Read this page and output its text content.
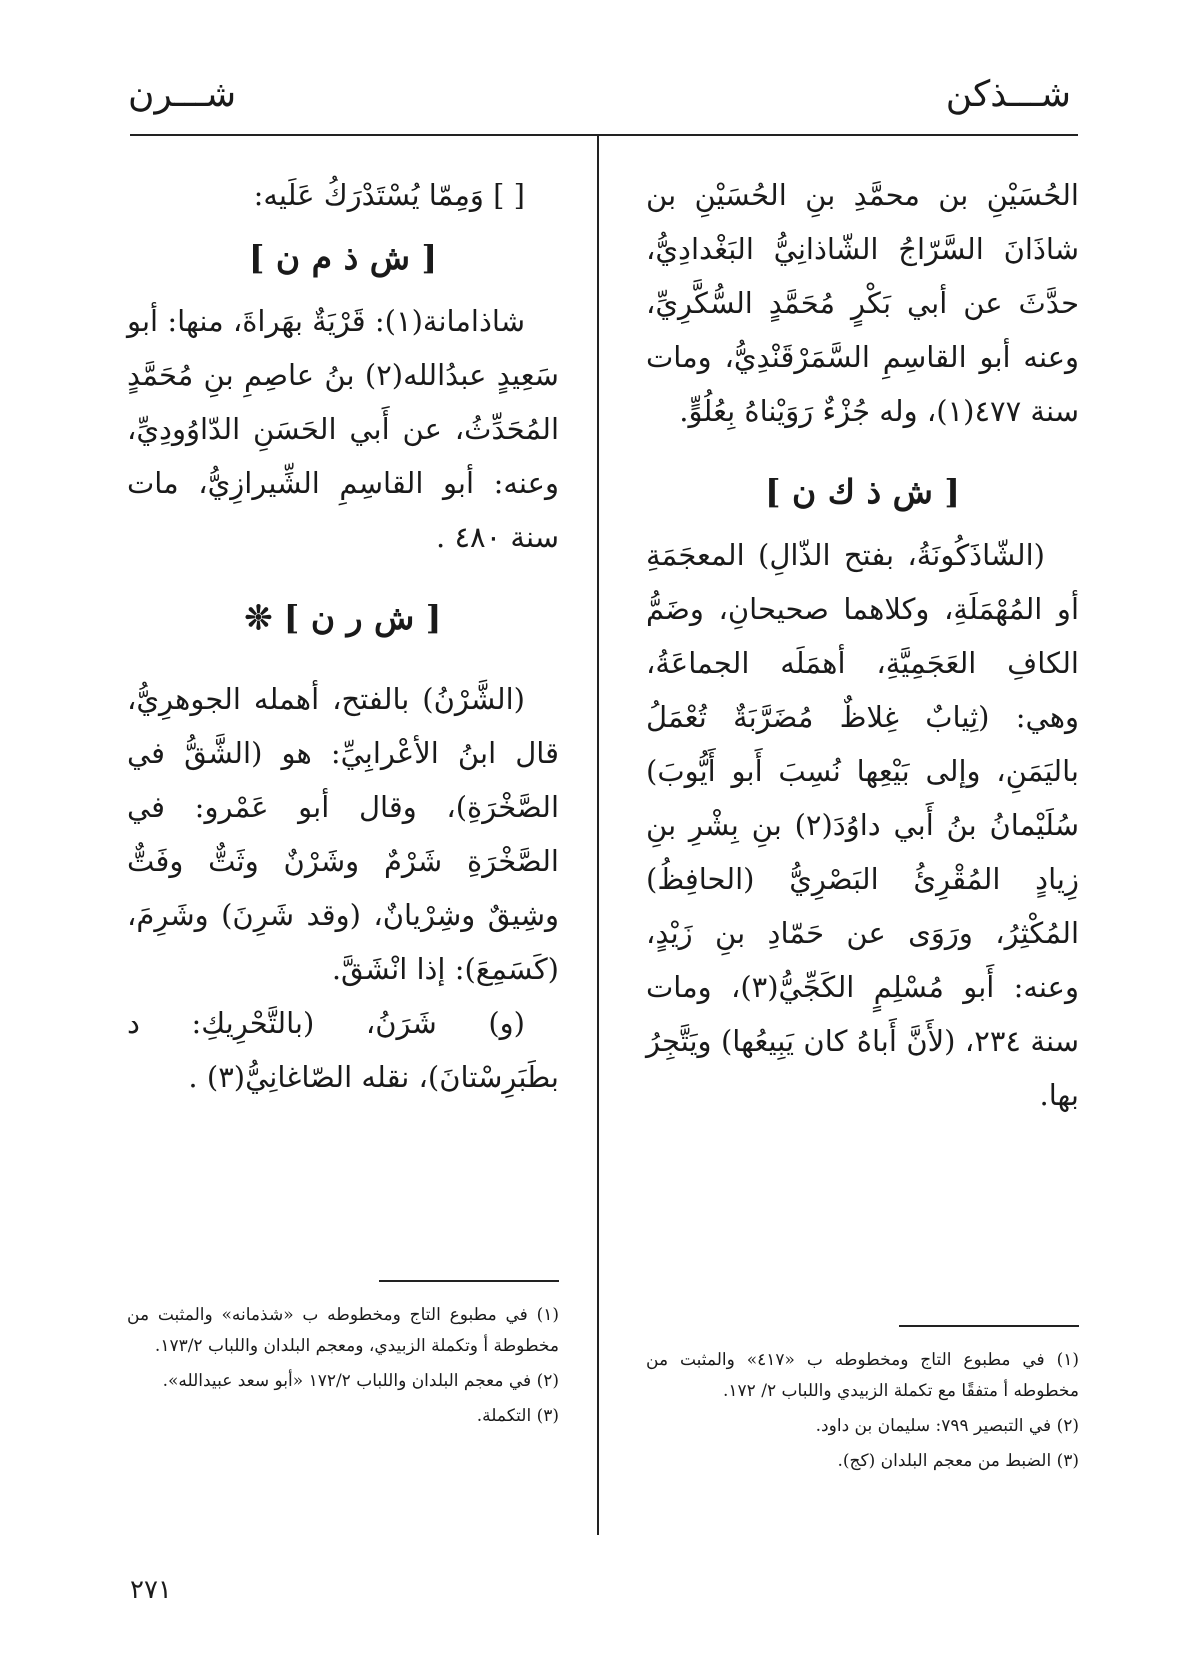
شـــذكن
شـــرن

الحُسَيْنِ بن محمَّدِ بنِ الحُسَيْنِ بن شاذَانَ السَّرّاجُ الشّاذانِيُّ البَغْدادِيُّ، حدَّثَ عن أبي بَكْرٍ مُحَمَّدٍ السُّكَّرِيِّ، وعنه أبو القاسِمِ السَّمَرْقَنْدِيُّ، ومات سنة ٤٧٧(١)، وله جُزْءٌ رَوَيْناهُ بِعُلُوٍّ.

[ ش ذ ك ن ]

(الشّاذَكُونَةُ، بفتح الذّالِ) المعجَمَةِ أو المُهْمَلَةِ، وكلاهما صحيحانِ، وضَمُّ الكافِ العَجَمِيَّةِ، أهمَلَه الجماعَةُ، وهي: (ثِيابٌ غِلاظٌ مُضَرَّبَةٌ تُعْمَلُ باليَمَنِ، وإلى بَيْعِها نُسِبَ أَبو أَيُّوبَ) سُلَيْمانُ بنُ أَبي داوُدَ(٢) بنِ بِشْرِ بنِ زِيادٍ المُقْرِئُ البَصْرِيُّ (الحافِظُ) المُكْثِرُ، ورَوَى عن حَمّادِ بنِ زَيْدٍ، وعنه: أَبو مُسْلِمٍ الكَجِّيُّ(٣)، ومات سنة ٢٣٤، (لأَنَّ أَباهُ كان يَبِيعُها) ويَتَّجِرُ بها.

[ ] وَمِمّا يُسْتَدْرَكُ عَلَيه:

[ ش ذ م ن ]

شاذامانة(١): قَرْيَةٌ بهَراةَ، منها: أبو سَعِيدٍ عبدُالله(٢) بنُ عاصِمِ بنِ مُحَمَّدٍ المُحَدِّثُ، عن أَبي الحَسَنِ الدّاوُودِيِّ، وعنه: أبو القاسِمِ الشِّيرازِيُّ، مات سنة ٤٨٠ .

[ ش ر ن ] ❊

(الشَّرْنُ) بالفتح، أهمله الجوهرِيُّ، قال ابنُ الأعْرابِيِّ: هو (الشَّقُّ في الصَّخْرَةِ)، وقال أبو عَمْرو: في الصَّخْرَةِ شَرْمٌ وشَرْنٌ وثَتٌّ وفَتٌّ وشِيقٌ وشِرْيانٌ، (وقد شَرِنَ) وشَرِمَ، (كَسَمِعَ): إذا انْشَقَّ.

(و) شَرَنُ، (بالتَّحْرِيكِ: د بطَبَرِسْتانَ)، نقله الصّاغانِيُّ(٣) .

(١) في مطبوع التاج ومخطوطه ب «٤١٧» والمثبت من مخطوطه أ متفقًا مع تكملة الزبيدي واللباب ٢/ ١٧٢.

(٢) في التبصير ٧٩٩: سليمان بن داود.

(٣) الضبط من معجم البلدان (كج).

(١) في مطبوع التاج ومخطوطه ب «شذمانه» والمثبت من مخطوطة أ وتكملة الزبيدي، ومعجم البلدان واللباب ١٧٣/٢.

(٢) في معجم البلدان واللباب ١٧٢/٢ «أبو سعد عبيدالله».

(٣) التكملة.

٢٧١
